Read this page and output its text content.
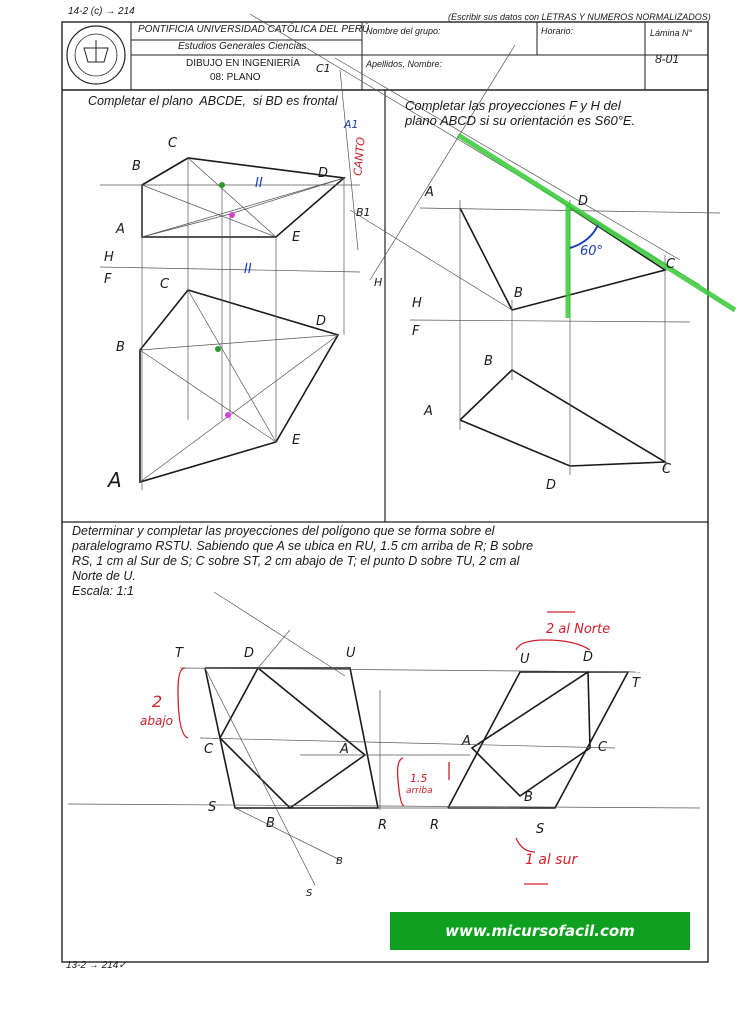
14-2 (c) → 214	(Escribir sus datos con LETRAS Y NUMEROS NORMALIZADOS)
PONTIFICIA UNIVERSIDAD CATÓLICA DEL PERÚ
Estudios Generales Ciencias
DIBUJO EN INGENIERÍA
08: PLANO
Nombre del grupo:	Horario:	Lámina N°
8-01
Apellidos, Nombre:
Completar el plano  ABCDE,  si BD es frontal	Completar las proyecciones F y H del
plano ABCD si su orientación es S60°E.
Determinar y completar las proyecciones del polígono que se forma sobre el
paralelogramo RSTU. Sabiendo que A se ubica en RU, 1.5 cm arriba de R; B sobre
RS, 1 cm al Sur de S; C sobre ST, 2 cm abajo de T; el punto D sobre TU, 2 cm al
Norte de U.
Escala: 1:1
C
B	D
A
E
H
F	C
D
B
E
A
II
II
A
D
C
B
H
F
B
A
D
C
60°
CANTO
A1
C1
B1
H
T	D	U
C	A
S
B	R	R
U	D
T
A	C
B
S
B
S
2
abajo
1.5
arriba
2 al Norte
1 al sur
www.micursofacil.com
13-2 → 214✓
